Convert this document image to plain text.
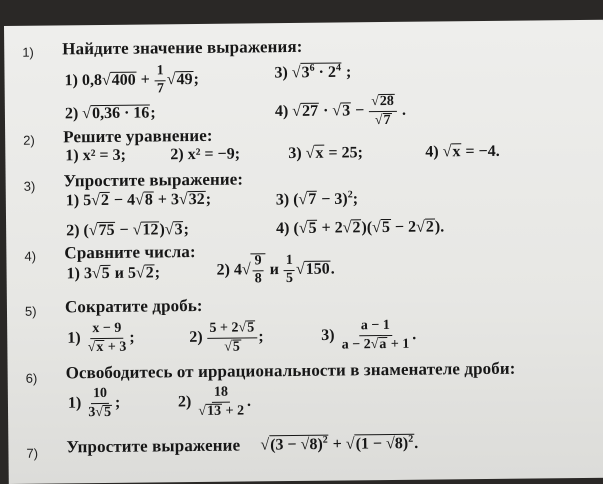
1) Найдите значение выражения:
1) $0,8√400 + \frac{1}{7} √49$;	3) $√3^6 \cdot 2^4$ ;
2) √0,36 · 16;	4) $√27 \cdot √3 - \frac{√28}{√7}$ .
2) Решите уравнение:
1) x² = 3;	2) x² = −9;	3) √x = 25;	4) √x = −4.
3) Упростите выражение:
1) 5√2 − 4√8 + 3√32;	3) $(√7 - 3)^2$;
2) (√75 − √12)√3;	4) (√5 + 2√2)(√5 − 2√2).
4) Сравните числа:
1) 3√5 и 5√2;	2) $4√ \frac{9}{8}$ и $\frac{1}{5} √150$.
5) Сократите дробь:
$1) \frac{x - 9}{√x + 3}$ ;	$2) \frac{5 + 2√5}{√5}$ ;	$3) \frac{a - 1}{a - 2√a + 1}$ .
6) Освободитесь от иррациональности в знаменателе дроби:
$1) \frac{10}{3√5}$ ;	$2) \frac{18}{√13 + 2}$ .
7) Упростите выражение $√(3 - √8)^2 + √(1 - √8)^2$.
